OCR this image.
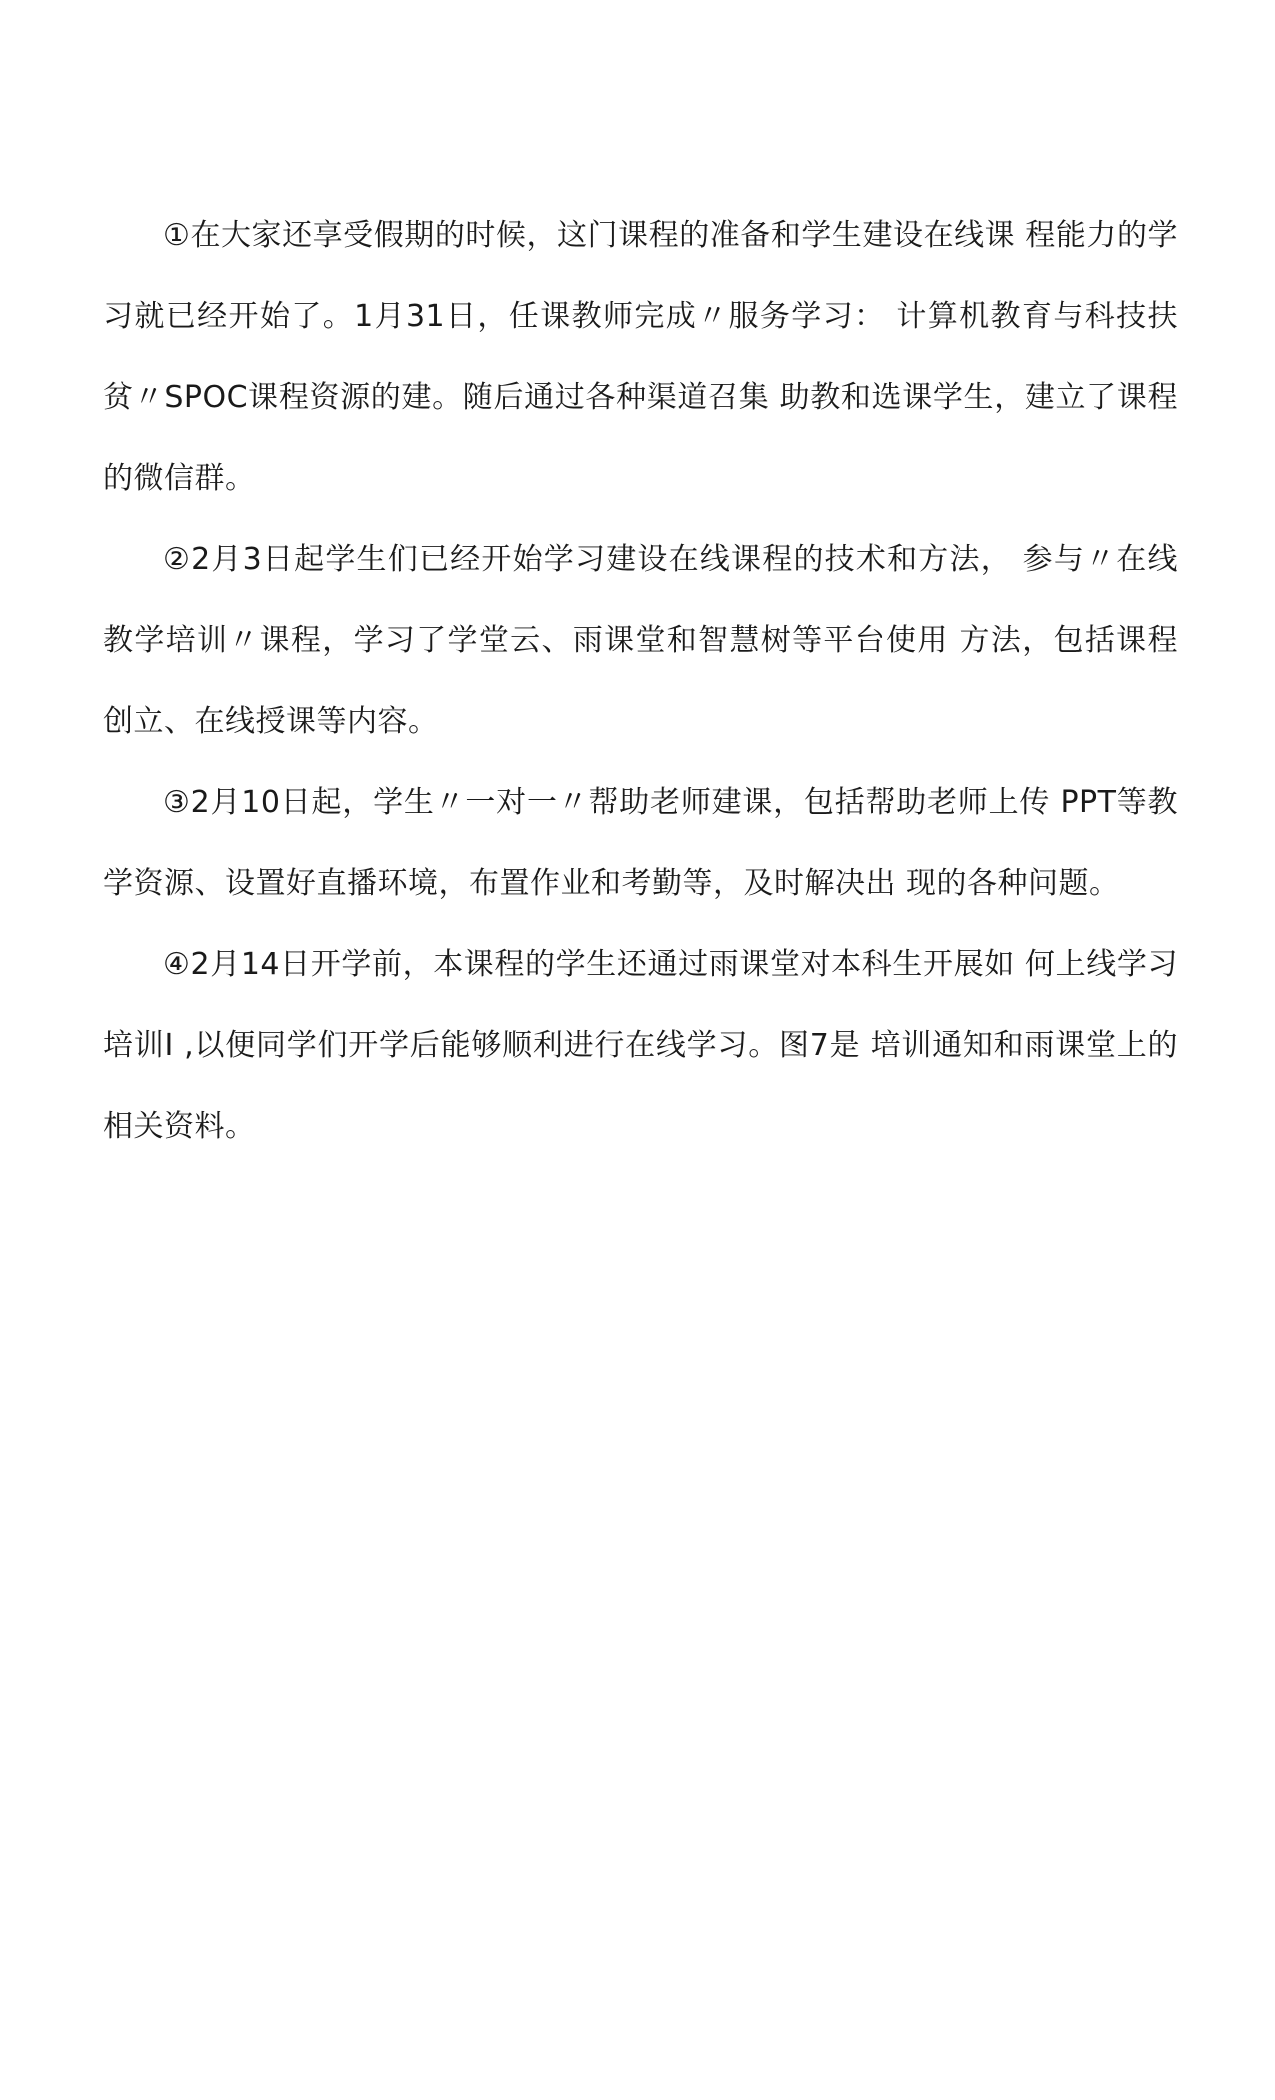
①在大家还享受假期的时候，这门课程的准备和学生建设在线课 程能力的学习就已经开始了。1月31日，任课教师完成〃服务学习： 计算机教育与科技扶贫〃SPOC课程资源的建。随后通过各种渠道召集 助教和选课学生，建立了课程的微信群。

②2月3日起学生们已经开始学习建设在线课程的技术和方法， 参与〃在线教学培训〃课程，学习了学堂云、雨课堂和智慧树等平台使用 方法，包括课程创立、在线授课等内容。

③2月10日起，学生〃一对一〃帮助老师建课，包括帮助老师上传 PPT等教学资源、设置好直播环境，布置作业和考勤等，及时解决出 现的各种问题。

④2月14日开学前，本课程的学生还通过雨课堂对本科生开展如 何上线学习培训I ,以便同学们开学后能够顺利进行在线学习。图7是 培训通知和雨课堂上的相关资料。
